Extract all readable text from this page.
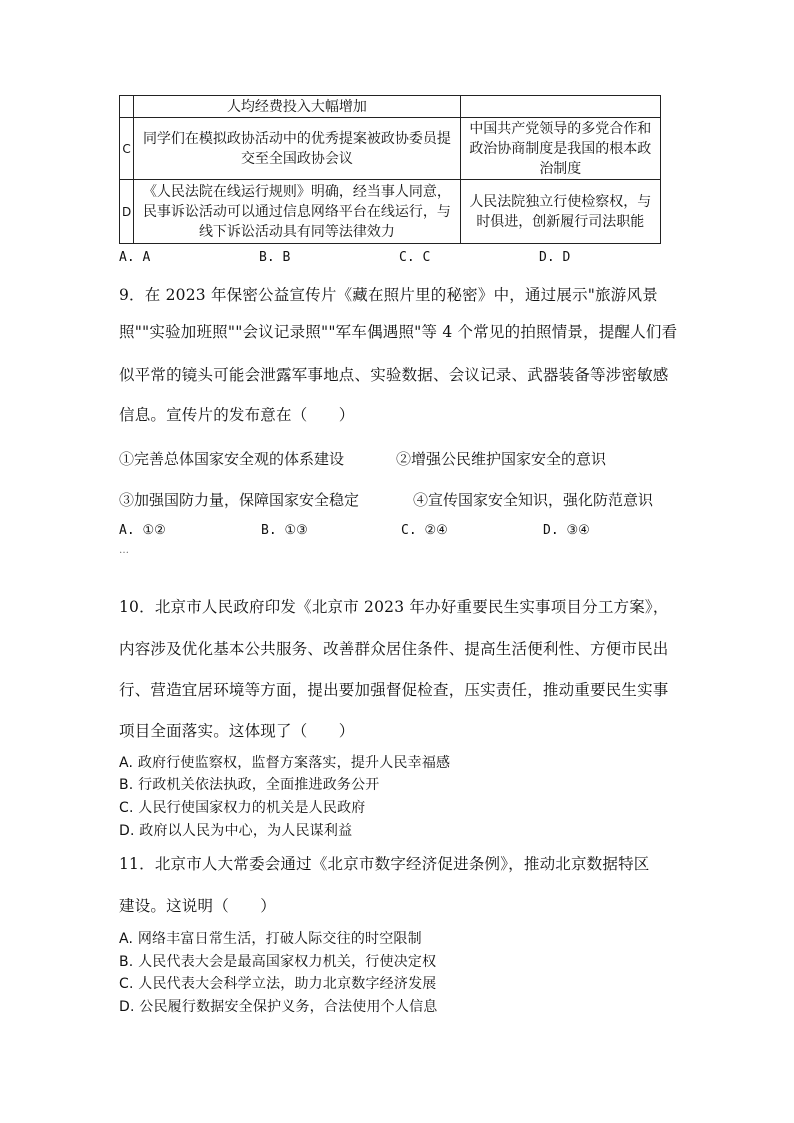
	人均经费投入大幅增加	
C	同学们在模拟政协活动中的优秀提案被政协委员提交至全国政协会议	中国共产党领导的多党合作和政治协商制度是我国的根本政治制度
D	《人民法院在线运行规则》明确，经当事人同意，民事诉讼活动可以通过信息网络平台在线运行，与线下诉讼活动具有同等法律效力	人民法院独立行使检察权，与时俱进，创新履行司法职能
A. A	B. B	C. C	D. D
9．在 2023 年保密公益宣传片《藏在照片里的秘密》中，通过展示"旅游风景
照""实验加班照""会议记录照""军车偶遇照"等 4 个常见的拍照情景，提醒人们看
似平常的镜头可能会泄露军事地点、实验数据、会议记录、武器装备等涉密敏感
信息。宣传片的发布意在（　　）
①完善总体国家安全观的体系建设	②增强公民维护国家安全的意识
③加强国防力量，保障国家安全稳定	④宣传国家安全知识，强化防范意识
A. ①②	B. ①③	C. ②④	D. ③④
…
10．北京市人民政府印发《北京市 2023 年办好重要民生实事项目分工方案》，
内容涉及优化基本公共服务、改善群众居住条件、提高生活便利性、方便市民出
行、营造宜居环境等方面，提出要加强督促检查，压实责任，推动重要民生实事
项目全面落实。这体现了（　　）
A. 政府行使监察权，监督方案落实，提升人民幸福感
B. 行政机关依法执政，全面推进政务公开
C. 人民行使国家权力的机关是人民政府
D. 政府以人民为中心，为人民谋利益
11．北京市人大常委会通过《北京市数字经济促进条例》，推动北京数据特区
建设。这说明（　　）
A. 网络丰富日常生活，打破人际交往的时空限制
B. 人民代表大会是最高国家权力机关，行使决定权
C. 人民代表大会科学立法，助力北京数字经济发展
D. 公民履行数据安全保护义务，合法使用个人信息
